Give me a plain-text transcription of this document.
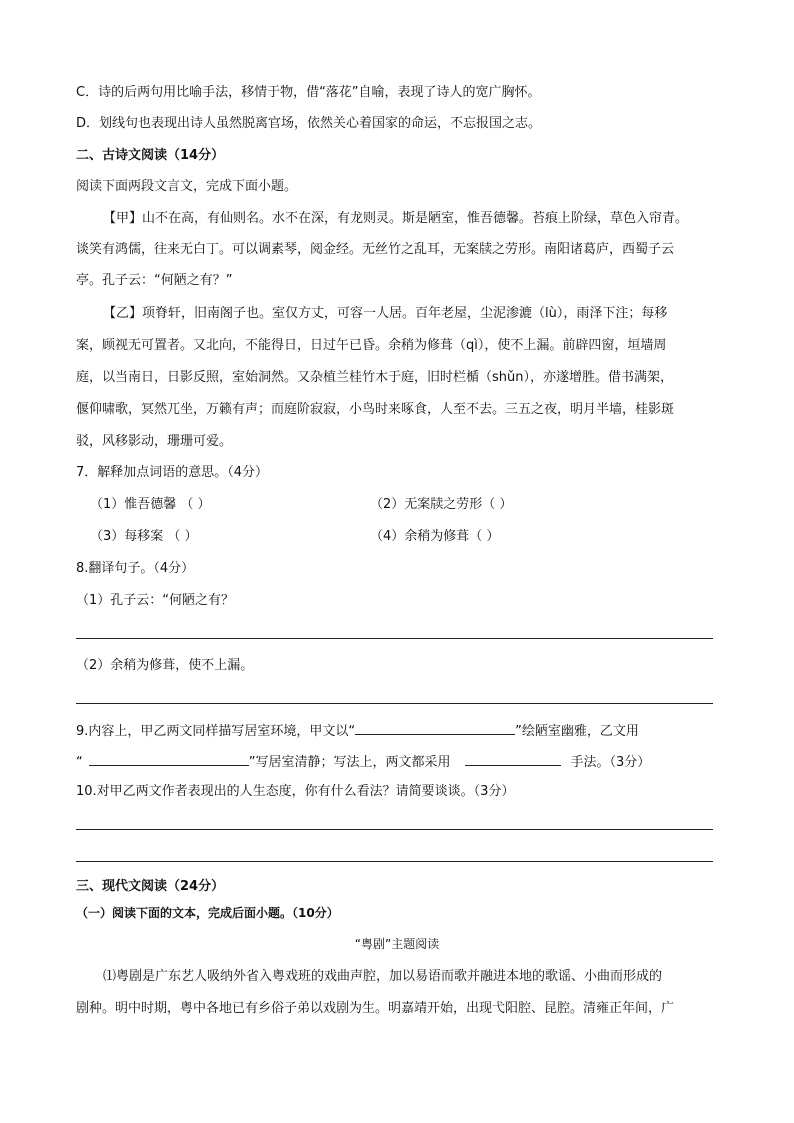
C．诗的后两句用比喻手法，移情于物，借“落花”自喻，表现了诗人的宽广胸怀。
D．划线句也表现出诗人虽然脱离官场，依然关心着国家的命运，不忘报国之志。
二、古诗文阅读（14分）
阅读下面两段文言文，完成下面小题。
【甲】山不在高，有仙则名。水不在深，有龙则灵。斯是陋室，惟吾德馨。苔痕上阶绿，草色入帘青。
谈笑有鸿儒，往来无白丁。可以调素琴，阅金经。无丝竹之乱耳，无案牍之劳形。南阳诸葛庐，西蜀子云
亭。孔子云：“何陋之有？”
【乙】项脊轩，旧南阁子也。室仅方丈，可容一人居。百年老屋，尘泥渗漉（lù），雨泽下注；每移
案，顾视无可置者。又北向，不能得日，日过午已昏。余稍为修葺（qì），使不上漏。前辟四窗，垣墙周
庭，以当南日，日影反照，室始洞然。又杂植兰桂竹木于庭，旧时栏楯（shǔn），亦遂增胜。借书满架，
偃仰啸歌，冥然兀坐，万籁有声；而庭阶寂寂，小鸟时来啄食，人至不去。三五之夜，明月半墙，桂影斑
驳，风移影动，珊珊可爱。
7．解释加点词语的意思。（4分）
（1）惟吾德馨 （ ）	（2）无案牍之劳形（ ）
（3）每移案 （ ）	（4）余稍为修葺（ ）
8.翻译句子。（4分）
（1）孔子云：“何陋之有？
（2）余稍为修葺，使不上漏。
9.内容上，甲乙两文同样描写居室环境，甲文以“	”绘陋室幽雅，乙文用
“	”写居室清静；写法上，两文都采用	手法。（3分）
10.对甲乙两文作者表现出的人生态度，你有什么看法？请简要谈谈。（3分）
三、现代文阅读（24分）
（一）阅读下面的文本，完成后面小题。（10分）
“粤剧”主题阅读
⑴粤剧是广东艺人吸纳外省入粤戏班的戏曲声腔，加以易语而歌并融进本地的歌谣、小曲而形成的
剧种。明中时期，粤中各地已有乡俗子弟以戏剧为生。明嘉靖开始，出现弋阳腔、昆腔。清雍正年间，广
